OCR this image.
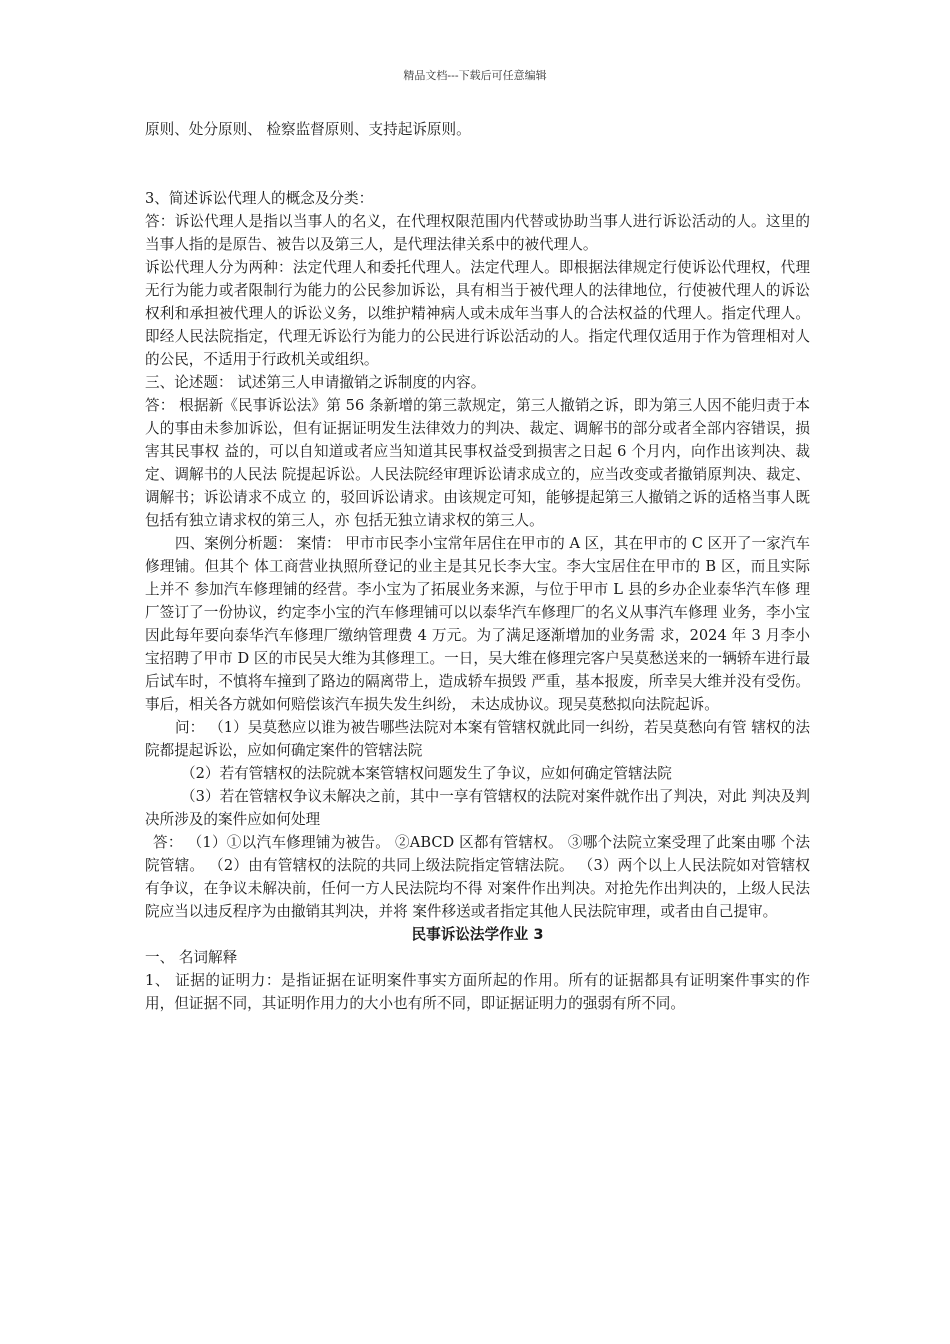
精品文档---下载后可任意编辑

原则、处分原则、 检察监督原则、支持起诉原则。

3、简述诉讼代理人的概念及分类：

答：诉讼代理人是指以当事人的名义，在代理权限范围内代替或协助当事人进行诉讼活动的人。这里的当事人指的是原告、被告以及第三人，是代理法律关系中的被代理人。

诉讼代理人分为两种：法定代理人和委托代理人。法定代理人。即根据法律规定行使诉讼代理权，代理无行为能力或者限制行为能力的公民参加诉讼，具有相当于被代理人的法律地位，行使被代理人的诉讼权利和承担被代理人的诉讼义务，以维护精神病人或未成年当事人的合法权益的代理人。指定代理人。即经人民法院指定，代理无诉讼行为能力的公民进行诉讼活动的人。指定代理仅适用于作为管理相对人的公民，不适用于行政机关或组织。

三、论述题： 试述第三人申请撤销之诉制度的内容。

答： 根据新《民事诉讼法》第 56 条新增的第三款规定，第三人撤销之诉，即为第三人因不能归责于本人的事由未参加诉讼，但有证据证明发生法律效力的判决、裁定、调解书的部分或者全部内容错误，损害其民事权 益的，可以自知道或者应当知道其民事权益受到损害之日起 6 个月内，向作出该判决、裁定、调解书的人民法 院提起诉讼。人民法院经审理诉讼请求成立的，应当改变或者撤销原判决、裁定、调解书；诉讼请求不成立 的，驳回诉讼请求。由该规定可知，能够提起第三人撤销之诉的适格当事人既包括有独立请求权的第三人，亦 包括无独立请求权的第三人。

四、案例分析题： 案情： 甲市市民李小宝常年居住在甲市的 A 区，其在甲市的 C 区开了一家汽车修理铺。但其个 体工商营业执照所登记的业主是其兄长李大宝。李大宝居住在甲市的 B 区，而且实际上并不 参加汽车修理铺的经营。李小宝为了拓展业务来源，与位于甲市 L 县的乡办企业泰华汽车修 理厂签订了一份协议，约定李小宝的汽车修理铺可以以泰华汽车修理厂的名义从事汽车修理 业务，李小宝因此每年要向泰华汽车修理厂缴纳管理费 4 万元。为了满足逐渐增加的业务需 求，2024 年 3 月李小宝招聘了甲市 D 区的市民吴大维为其修理工。一日，吴大维在修理完客户吴莫愁送来的一辆轿车进行最后试车时，不慎将车撞到了路边的隔离带上，造成轿车损毁 严重，基本报废，所幸吴大维并没有受伤。事后，相关各方就如何赔偿该汽车损失发生纠纷， 未达成协议。现吴莫愁拟向法院起诉。

问： （1）吴莫愁应以谁为被告哪些法院对本案有管辖权就此同一纠纷，若吴莫愁向有管 辖权的法院都提起诉讼，应如何确定案件的管辖法院

（2）若有管辖权的法院就本案管辖权问题发生了争议，应如何确定管辖法院

（3）若在管辖权争议未解决之前，其中一享有管辖权的法院对案件就作出了判决，对此 判决及判决所涉及的案件应如何处理

答： （1）①以汽车修理铺为被告。 ②ABCD 区都有管辖权。 ③哪个法院立案受理了此案由哪 个法院管辖。 （2）由有管辖权的法院的共同上级法院指定管辖法院。 （3）两个以上人民法院如对管辖权有争议，在争议未解决前，任何一方人民法院均不得 对案件作出判决。对抢先作出判决的，上级人民法院应当以违反程序为由撤销其判决，并将 案件移送或者指定其他人民法院审理，或者由自己提审。

民事诉讼法学作业 3

一、 名词解释

1、 证据的证明力：是指证据在证明案件事实方面所起的作用。所有的证据都具有证明案件事实的作用，但证据不同，其证明作用力的大小也有所不同，即证据证明力的强弱有所不同。
